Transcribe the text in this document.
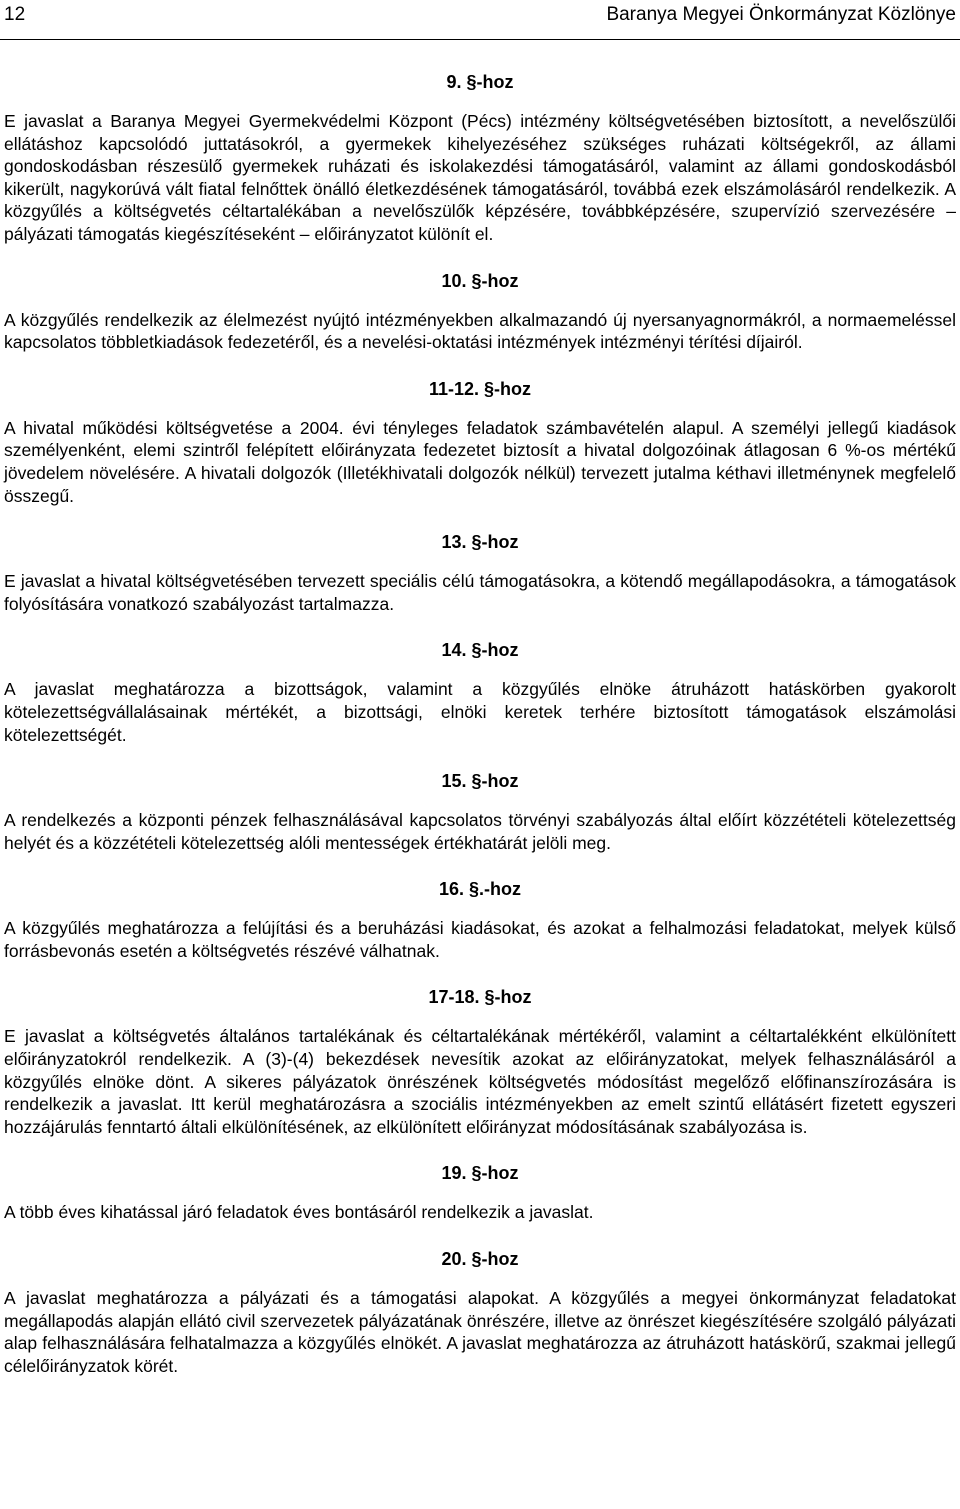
12	Baranya Megyei Önkormányzat Közlönye
9. §-hoz

E javaslat a Baranya Megyei Gyermekvédelmi Központ (Pécs) intézmény költségvetésében biztosított, a nevelőszülői ellátáshoz kapcsolódó juttatásokról, a gyermekek kihelyezéséhez szükséges ruházati költségekről, az állami gondoskodásban részesülő gyermekek ruházati és iskolakezdési támogatásáról, valamint az állami gondoskodásból kikerült, nagykorúvá vált fiatal felnőttek önálló életkezdésének támogatásáról, továbbá ezek elszámolásáról rendelkezik. A közgyűlés a költségvetés céltartalékában a nevelőszülők képzésére, továbbképzésére, szupervízió szervezésére – pályázati támogatás kiegészítéseként – előirányzatot különít el.

10. §-hoz

A közgyűlés rendelkezik az élelmezést nyújtó intézményekben alkalmazandó új nyersanyagnormákról, a normaemeléssel kapcsolatos többletkiadások fedezetéről, és a nevelési-oktatási intézmények intézményi térítési díjairól.

11-12. §-hoz

A hivatal működési költségvetése a 2004. évi tényleges feladatok számbavételén alapul. A személyi jellegű kiadások személyenként, elemi szintről felépített előirányzata fedezetet biztosít a hivatal dolgozóinak átlagosan 6 %-os mértékű jövedelem növelésére. A hivatali dolgozók (Illetékhivatali dolgozók nélkül) tervezett jutalma kéthavi illetménynek megfelelő összegű.

13. §-hoz

E javaslat a hivatal költségvetésében tervezett speciális célú támogatásokra, a kötendő megállapodásokra, a támogatások folyósítására vonatkozó szabályozást tartalmazza.

14. §-hoz

A javaslat meghatározza a bizottságok, valamint a közgyűlés elnöke átruházott hatáskörben gyakorolt kötelezettségvállalásainak mértékét, a bizottsági, elnöki keretek terhére biztosított támogatások elszámolási kötelezettségét.

15. §-hoz

A rendelkezés a központi pénzek felhasználásával kapcsolatos törvényi szabályozás által előírt közzétételi kötelezettség helyét és a közzétételi kötelezettség alóli mentességek értékhatárát jelöli meg.

16. §.-hoz

A közgyűlés meghatározza a felújítási és a beruházási kiadásokat, és azokat a felhalmozási feladatokat, melyek külső forrásbevonás esetén a költségvetés részévé válhatnak.

17-18. §-hoz

E javaslat a költségvetés általános tartalékának és céltartalékának mértékéről, valamint a céltartalékként elkülönített előirányzatokról rendelkezik. A (3)-(4) bekezdések nevesítik azokat az előirányzatokat, melyek felhasználásáról a közgyűlés elnöke dönt. A sikeres pályázatok önrészének költségvetés módosítást megelőző előfinanszírozására is rendelkezik a javaslat. Itt kerül meghatározásra a szociális intézményekben az emelt szintű ellátásért fizetett egyszeri hozzájárulás fenntartó általi elkülönítésének, az elkülönített előirányzat módosításának szabályozása is.

19. §-hoz

A több éves kihatással járó feladatok éves bontásáról rendelkezik a javaslat.

20. §-hoz

A javaslat meghatározza a pályázati és a támogatási alapokat. A közgyűlés a megyei önkormányzat feladatokat megállapodás alapján ellátó civil szervezetek pályázatának önrészére, illetve az önrészet kiegészítésére szolgáló pályázati alap felhasználására felhatalmazza a közgyűlés elnökét. A javaslat meghatározza az átruházott hatáskörű, szakmai jellegű célelőirányzatok körét.
